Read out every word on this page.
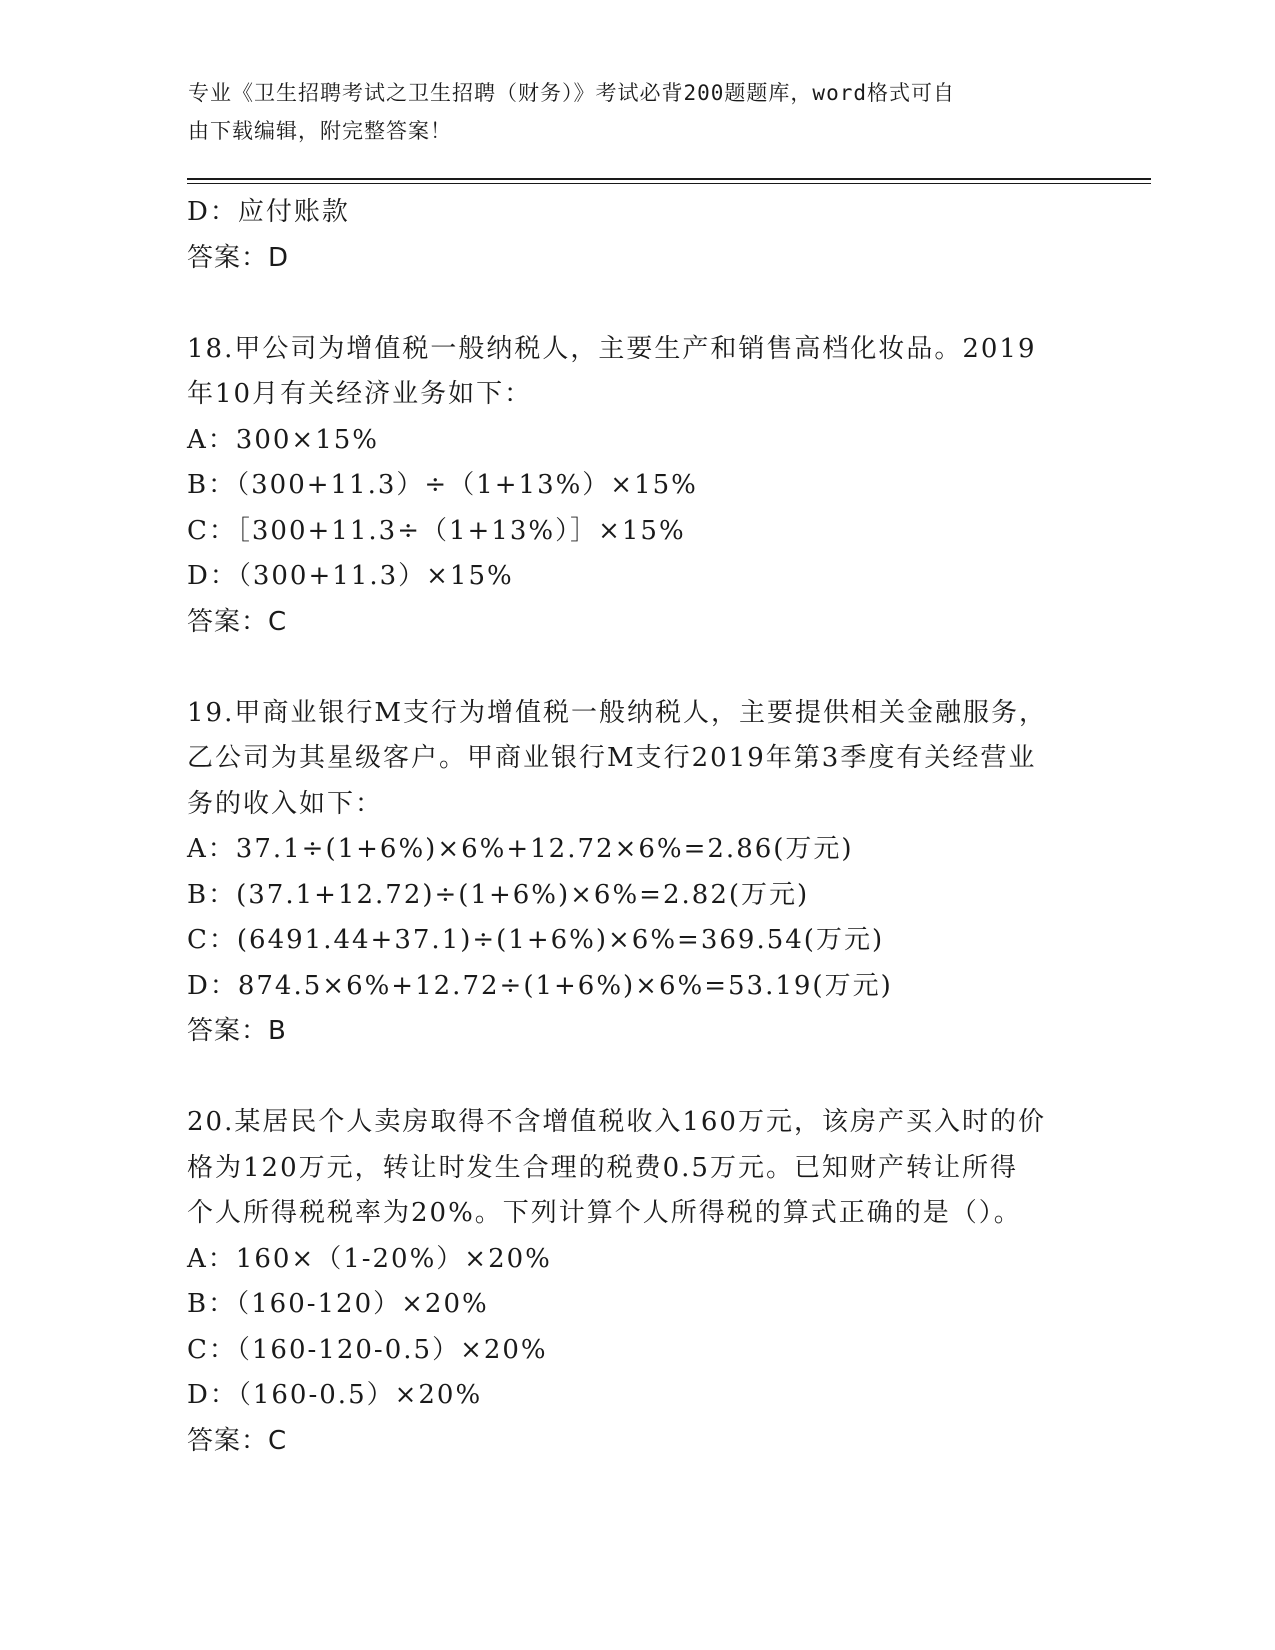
专业《卫生招聘考试之卫生招聘（财务）》考试必背200题题库，word格式可自
由下载编辑，附完整答案！
D：应付账款
答案：D
18.甲公司为增值税一般纳税人，主要生产和销售高档化妆品。2019
年10月有关经济业务如下：
A：300×15%
B：（300+11.3）÷（1+13%）×15%
C：［300+11.3÷（1+13%）］×15%
D：（300+11.3）×15%
答案：C
19.甲商业银行M支行为增值税一般纳税人，主要提供相关金融服务，
乙公司为其星级客户。甲商业银行M支行2019年第3季度有关经营业
务的收入如下：
A：37.1÷(1+6%)×6%+12.72×6%=2.86(万元)
B：(37.1+12.72)÷(1+6%)×6%=2.82(万元)
C：(6491.44+37.1)÷(1+6%)×6%=369.54(万元)
D：874.5×6%+12.72÷(1+6%)×6%=53.19(万元)
答案：B
20.某居民个人卖房取得不含增值税收入160万元，该房产买入时的价
格为120万元，转让时发生合理的税费0.5万元。已知财产转让所得
个人所得税税率为20%。下列计算个人所得税的算式正确的是（）。
A：160×（1-20%）×20%
B：（160-120）×20%
C：（160-120-0.5）×20%
D：（160-0.5）×20%
答案：C
